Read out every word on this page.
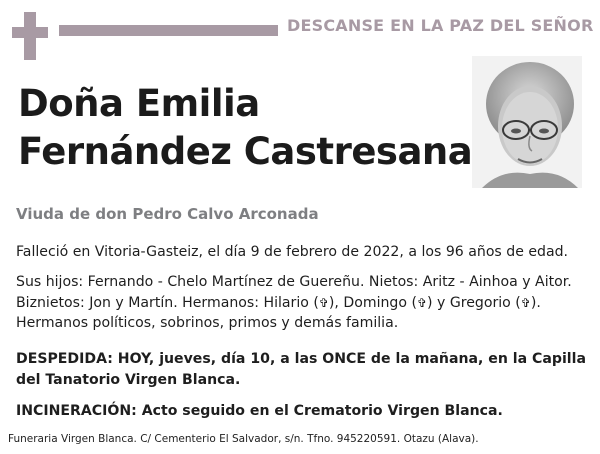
DESCANSE EN LA PAZ DEL SEÑOR
Doña Emilia
Fernández Castresana
Viuda de don Pedro Calvo Arconada
Falleció en Vitoria-Gasteiz, el día 9 de febrero de 2022, a los 96 años de edad.
Sus hijos: Fernando - Chelo Martínez de Guereñu. Nietos: Aritz - Ainhoa y Aitor. Biznietos: Jon y Martín. Hermanos: Hilario (✞), Domingo (✞) y Gregorio (✞). Hermanos políticos, sobrinos, primos y demás familia.
DESPEDIDA: HOY, jueves, día 10, a las ONCE de la mañana, en la Capilla del Tanatorio Virgen Blanca.
INCINERACIÓN: Acto seguido en el Crematorio Virgen Blanca.
Funeraria Virgen Blanca. C/ Cementerio El Salvador, s/n. Tfno. 945220591. Otazu (Alava).
